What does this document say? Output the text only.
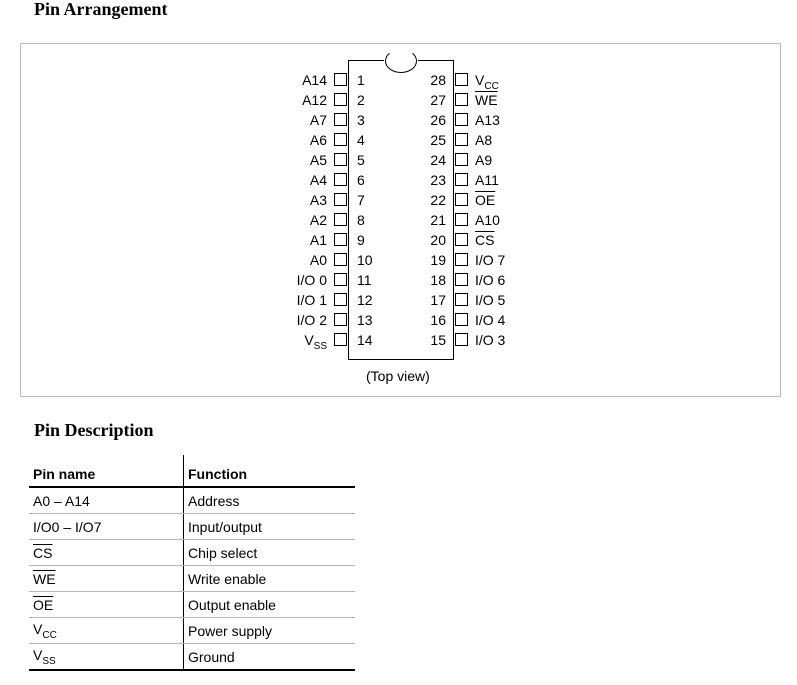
Pin Arrangement
A14 1
A12 2
A7 3
A6 4
A5 5
A4 6
A3 7
A2 8
A1 9
A0 10
I/O 0 11
I/O 1 12
I/O 2 13
$V_{SS}$ 14
$V_{CC}$
28
$\overline{WE}$
27
A13
26
A8
25
A9
24
A11
23
$\overline{OE}$
22
A10
21
$\overline{CS}$
20
I/O 7
19
I/O 6
18
I/O 5
17
I/O 4
16
I/O 3
15
(Top view)
Pin Description
Pin name	Function
A0 – A14	Address
I/O0 – I/O7	Input/output
$\overline{CS}$	Chip select
$\overline{WE}$	Write enable
$\overline{OE}$	Output enable
$V_{CC}$	Power supply
$V_{SS}$	Ground
